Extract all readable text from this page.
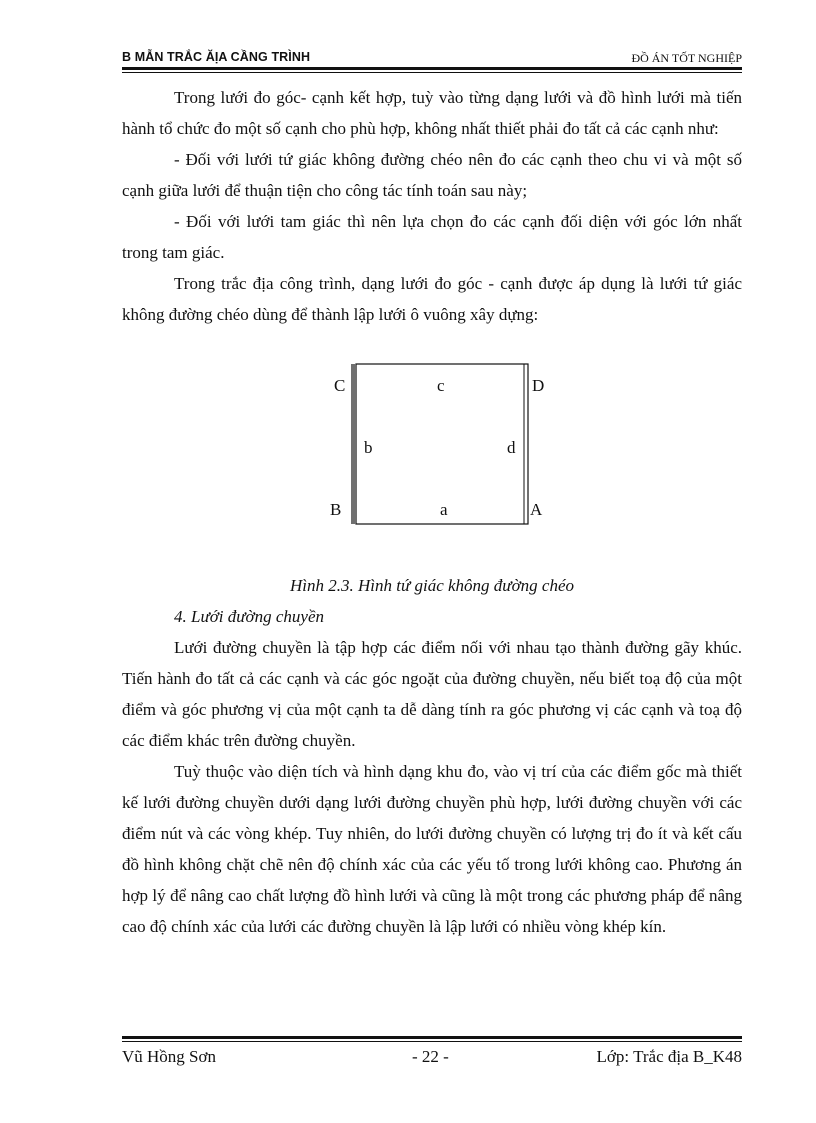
B MẪN TRẮC ĂỊA CẦNG TRÌNH	ĐỒ ÁN TỐT NGHIỆP

Trong lưới đo góc- cạnh kết hợp, tuỳ vào từng dạng lưới và đồ hình lưới mà tiến hành tổ chức đo một số cạnh cho phù hợp, không nhất thiết phải đo tất cả các cạnh như:

- Đối với lưới tứ giác không đường chéo nên đo các cạnh theo chu vi và một số cạnh giữa lưới để thuận tiện cho công tác tính toán sau này;

- Đối với lưới tam giác thì nên lựa chọn đo các cạnh đối diện với góc lớn nhất trong tam giác.

Trong trắc địa công trình, dạng lưới đo góc - cạnh được áp dụng là lưới tứ giác không đường chéo dùng để thành lập lưới ô vuông xây dựng:

C	D
B	A
c
b	d
a

Hình 2.3. Hình tứ giác không đường chéo

4. Lưới đường chuyền

Lưới đường chuyền là tập hợp các điểm nối với nhau tạo thành đường gãy khúc. Tiến hành đo tất cả các cạnh và các góc ngoặt của đường chuyền, nếu biết toạ độ của một điểm và góc phương vị của một cạnh ta dễ dàng tính ra góc phương vị các cạnh và toạ độ các điểm khác trên đường chuyền.

Tuỳ thuộc vào diện tích và hình dạng khu đo, vào vị trí của các điểm gốc mà thiết kế lưới đường chuyền dưới dạng lưới đường chuyền phù hợp, lưới đường chuyền với các điểm nút và các vòng khép. Tuy nhiên, do lưới đường chuyền có lượng trị đo ít và kết cấu đồ hình không chặt chẽ nên độ chính xác của các yếu tố trong lưới không cao. Phương án hợp lý để nâng cao chất lượng đồ hình lưới và cũng là một trong các phương pháp để nâng cao độ chính xác của lưới các đường chuyền là lập lưới có nhiều vòng khép kín.

Vũ Hồng Sơn	- 22 -	Lớp: Trắc địa B_K48
